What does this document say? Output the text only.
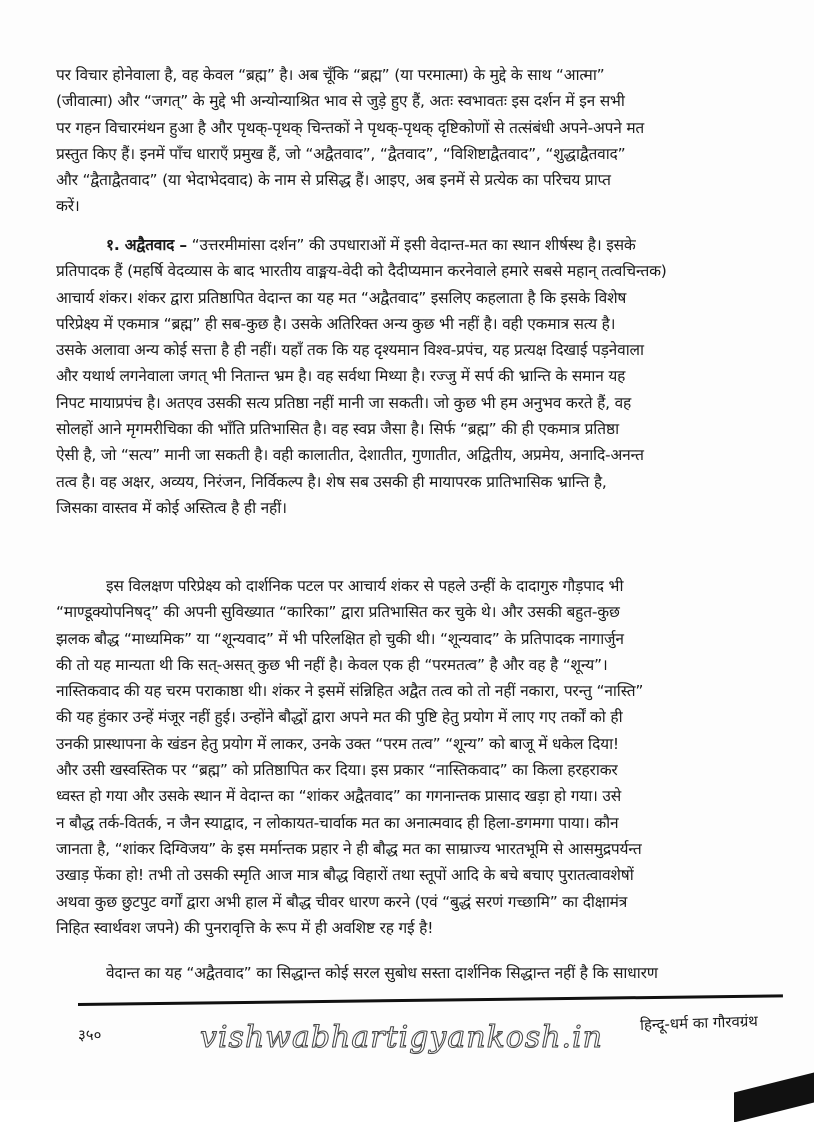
पर विचार होनेवाला है, वह केवल “ब्रह्म” है। अब चूँकि “ब्रह्म” (या परमात्मा) के मुद्दे के साथ “आत्मा”
(जीवात्मा) और “जगत्” के मुद्दे भी अन्योन्याश्रित भाव से जुड़े हुए हैं, अतः स्वभावतः इस दर्शन में इन सभी
पर गहन विचारमंथन हुआ है और पृथक्-पृथक् चिन्तकों ने पृथक्-पृथक् दृष्टिकोणों से तत्संबंधी अपने-अपने मत
प्रस्तुत किए हैं। इनमें पाँच धाराएँ प्रमुख हैं, जो “अद्वैतवाद”, “द्वैतवाद”, “विशिष्टाद्वैतवाद”, “शुद्धाद्वैतवाद”
और “द्वैताद्वैतवाद” (या भेदाभेदवाद) के नाम से प्रसिद्ध हैं। आइए, अब इनमें से प्रत्येक का परिचय प्राप्त
करें।
१. अद्वैतवाद – “उत्तरमीमांसा दर्शन” की उपधाराओं में इसी वेदान्त-मत का स्थान शीर्षस्थ है। इसके
प्रतिपादक हैं (महर्षि वेदव्यास के बाद भारतीय वाङ्मय-वेदी को दैदीप्यमान करनेवाले हमारे सबसे महान् तत्वचिन्तक)
आचार्य शंकर। शंकर द्वारा प्रतिष्ठापित वेदान्त का यह मत “अद्वैतवाद” इसलिए कहलाता है कि इसके विशेष
परिप्रेक्ष्य में एकमात्र “ब्रह्म” ही सब-कुछ है। उसके अतिरिक्त अन्य कुछ भी नहीं है। वही एकमात्र सत्य है।
उसके अलावा अन्य कोई सत्ता है ही नहीं। यहाँ तक कि यह दृश्यमान विश्व-प्रपंच, यह प्रत्यक्ष दिखाई पड़नेवाला
और यथार्थ लगनेवाला जगत् भी नितान्त भ्रम है। वह सर्वथा मिथ्या है। रज्जु में सर्प की भ्रान्ति के समान यह
निपट मायाप्रपंच है। अतएव उसकी सत्य प्रतिष्ठा नहीं मानी जा सकती। जो कुछ भी हम अनुभव करते हैं, वह
सोलहों आने मृगमरीचिका की भाँति प्रतिभासित है। वह स्वप्न जैसा है। सिर्फ “ब्रह्म” की ही एकमात्र प्रतिष्ठा
ऐसी है, जो “सत्य” मानी जा सकती है। वही कालातीत, देशातीत, गुणातीत, अद्वितीय, अप्रमेय, अनादि-अनन्त
तत्व है। वह अक्षर, अव्यय, निरंजन, निर्विकल्प है। शेष सब उसकी ही मायापरक प्रातिभासिक भ्रान्ति है,
जिसका वास्तव में कोई अस्तित्व है ही नहीं।
इस विलक्षण परिप्रेक्ष्य को दार्शनिक पटल पर आचार्य शंकर से पहले उन्हीं के दादागुरु गौड़पाद भी
“माण्डूक्योपनिषद्” की अपनी सुविख्यात “कारिका” द्वारा प्रतिभासित कर चुके थे। और उसकी बहुत-कुछ
झलक बौद्ध “माध्यमिक” या “शून्यवाद” में भी परिलक्षित हो चुकी थी। “शून्यवाद” के प्रतिपादक नागार्जुन
की तो यह मान्यता थी कि सत्-असत् कुछ भी नहीं है। केवल एक ही “परमतत्व” है और वह है “शून्य”।
नास्तिकवाद की यह चरम पराकाष्ठा थी। शंकर ने इसमें संन्निहित अद्वैत तत्व को तो नहीं नकारा, परन्तु “नास्ति”
की यह हुंकार उन्हें मंजूर नहीं हुई। उन्होंने बौद्धों द्वारा अपने मत की पुष्टि हेतु प्रयोग में लाए गए तर्कों को ही
उनकी प्रास्थापना के खंडन हेतु प्रयोग में लाकर, उनके उक्त “परम तत्व” “शून्य” को बाजू में धकेल दिया!
और उसी खस्वस्तिक पर “ब्रह्म” को प्रतिष्ठापित कर दिया। इस प्रकार “नास्तिकवाद” का किला हरहराकर
ध्वस्त हो गया और उसके स्थान में वेदान्त का “शांकर अद्वैतवाद” का गगनान्तक प्रासाद खड़ा हो गया। उसे
न बौद्ध तर्क-वितर्क, न जैन स्याद्वाद, न लोकायत-चार्वाक मत का अनात्मवाद ही हिला-डगमगा पाया। कौन
जानता है, “शांकर दिग्विजय” के इस मर्मान्तक प्रहार ने ही बौद्ध मत का साम्राज्य भारतभूमि से आसमुद्रपर्यन्त
उखाड़ फेंका हो! तभी तो उसकी स्मृति आज मात्र बौद्ध विहारों तथा स्तूपों आदि के बचे बचाए पुरातत्वावशेषों
अथवा कुछ छुटपुट वर्गों द्वारा अभी हाल में बौद्ध चीवर धारण करने (एवं “बुद्धं सरणं गच्छामि” का दीक्षामंत्र
निहित स्वार्थवश जपने) की पुनरावृत्ति के रूप में ही अवशिष्ट रह गई है!
वेदान्त का यह “अद्वैतवाद” का सिद्धान्त कोई सरल सुबोध सस्ता दार्शनिक सिद्धान्त नहीं है कि साधारण
३५०	vishwabhartigyankosh.in हिन्दू-धर्म का गौरवग्रंथ
